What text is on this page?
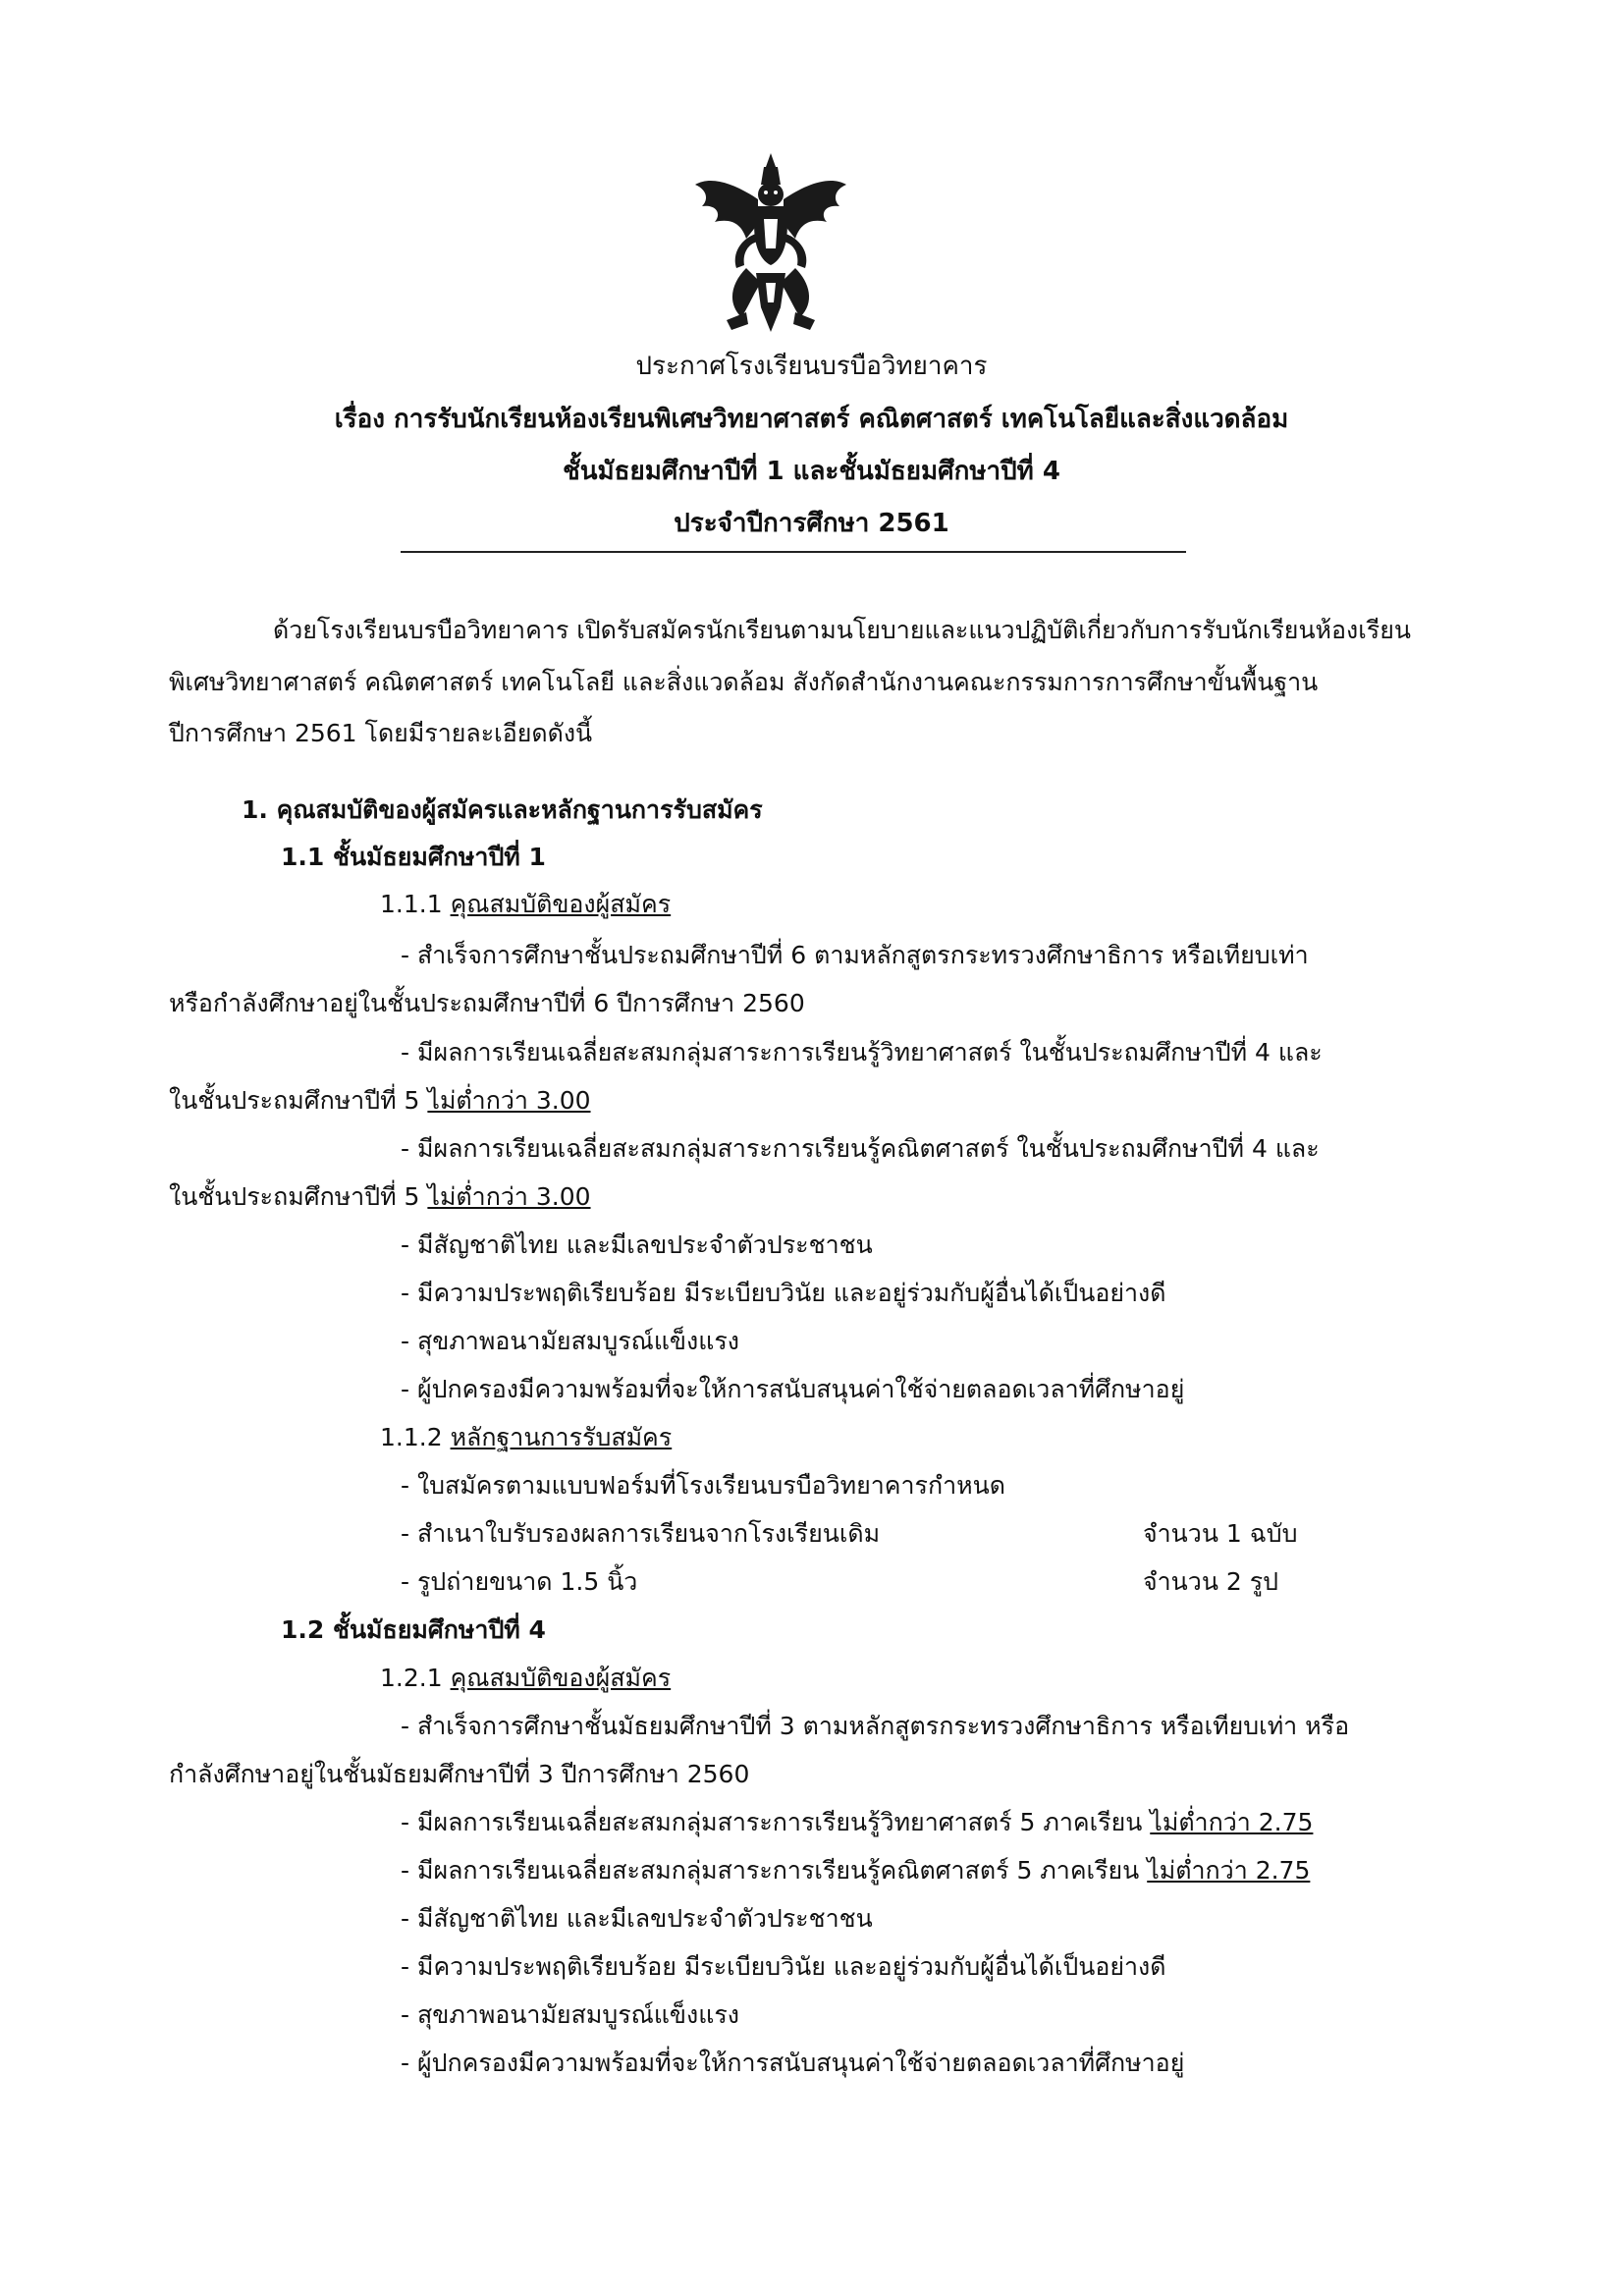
ประกาศโรงเรียนบรบือวิทยาคาร
เรื่อง การรับนักเรียนห้องเรียนพิเศษวิทยาศาสตร์ คณิตศาสตร์ เทคโนโลยีและสิ่งแวดล้อม
ชั้นมัธยมศึกษาปีที่ 1 และชั้นมัธยมศึกษาปีที่ 4
ประจำปีการศึกษา 2561
ด้วยโรงเรียนบรบือวิทยาคาร เปิดรับสมัครนักเรียนตามนโยบายและแนวปฏิบัติเกี่ยวกับการรับนักเรียนห้องเรียน
พิเศษวิทยาศาสตร์ คณิตศาสตร์ เทคโนโลยี และสิ่งแวดล้อม สังกัดสำนักงานคณะกรรมการการศึกษาขั้นพื้นฐาน
ปีการศึกษา 2561 โดยมีรายละเอียดดังนี้
1. คุณสมบัติของผู้สมัครและหลักฐานการรับสมัคร
1.1 ชั้นมัธยมศึกษาปีที่ 1
1.1.1 คุณสมบัติของผู้สมัคร
- สำเร็จการศึกษาชั้นประถมศึกษาปีที่ 6 ตามหลักสูตรกระทรวงศึกษาธิการ หรือเทียบเท่า
หรือกำลังศึกษาอยู่ในชั้นประถมศึกษาปีที่ 6 ปีการศึกษา 2560
- มีผลการเรียนเฉลี่ยสะสมกลุ่มสาระการเรียนรู้วิทยาศาสตร์ ในชั้นประถมศึกษาปีที่ 4 และ
ในชั้นประถมศึกษาปีที่ 5 ไม่ต่ำกว่า 3.00
- มีผลการเรียนเฉลี่ยสะสมกลุ่มสาระการเรียนรู้คณิตศาสตร์ ในชั้นประถมศึกษาปีที่ 4 และ
ในชั้นประถมศึกษาปีที่ 5 ไม่ต่ำกว่า 3.00
- มีสัญชาติไทย และมีเลขประจำตัวประชาชน
- มีความประพฤติเรียบร้อย มีระเบียบวินัย และอยู่ร่วมกับผู้อื่นได้เป็นอย่างดี
- สุขภาพอนามัยสมบูรณ์แข็งแรง
- ผู้ปกครองมีความพร้อมที่จะให้การสนับสนุนค่าใช้จ่ายตลอดเวลาที่ศึกษาอยู่
1.1.2 หลักฐานการรับสมัคร
- ใบสมัครตามแบบฟอร์มที่โรงเรียนบรบือวิทยาคารกำหนด
- สำเนาใบรับรองผลการเรียนจากโรงเรียนเดิม	จำนวน 1 ฉบับ
- รูปถ่ายขนาด 1.5 นิ้ว	จำนวน 2 รูป
1.2 ชั้นมัธยมศึกษาปีที่ 4
1.2.1 คุณสมบัติของผู้สมัคร
- สำเร็จการศึกษาชั้นมัธยมศึกษาปีที่ 3 ตามหลักสูตรกระทรวงศึกษาธิการ หรือเทียบเท่า หรือ
กำลังศึกษาอยู่ในชั้นมัธยมศึกษาปีที่ 3 ปีการศึกษา 2560
- มีผลการเรียนเฉลี่ยสะสมกลุ่มสาระการเรียนรู้วิทยาศาสตร์ 5 ภาคเรียน ไม่ต่ำกว่า 2.75
- มีผลการเรียนเฉลี่ยสะสมกลุ่มสาระการเรียนรู้คณิตศาสตร์ 5 ภาคเรียน ไม่ต่ำกว่า 2.75
- มีสัญชาติไทย และมีเลขประจำตัวประชาชน
- มีความประพฤติเรียบร้อย มีระเบียบวินัย และอยู่ร่วมกับผู้อื่นได้เป็นอย่างดี
- สุขภาพอนามัยสมบูรณ์แข็งแรง
- ผู้ปกครองมีความพร้อมที่จะให้การสนับสนุนค่าใช้จ่ายตลอดเวลาที่ศึกษาอยู่
